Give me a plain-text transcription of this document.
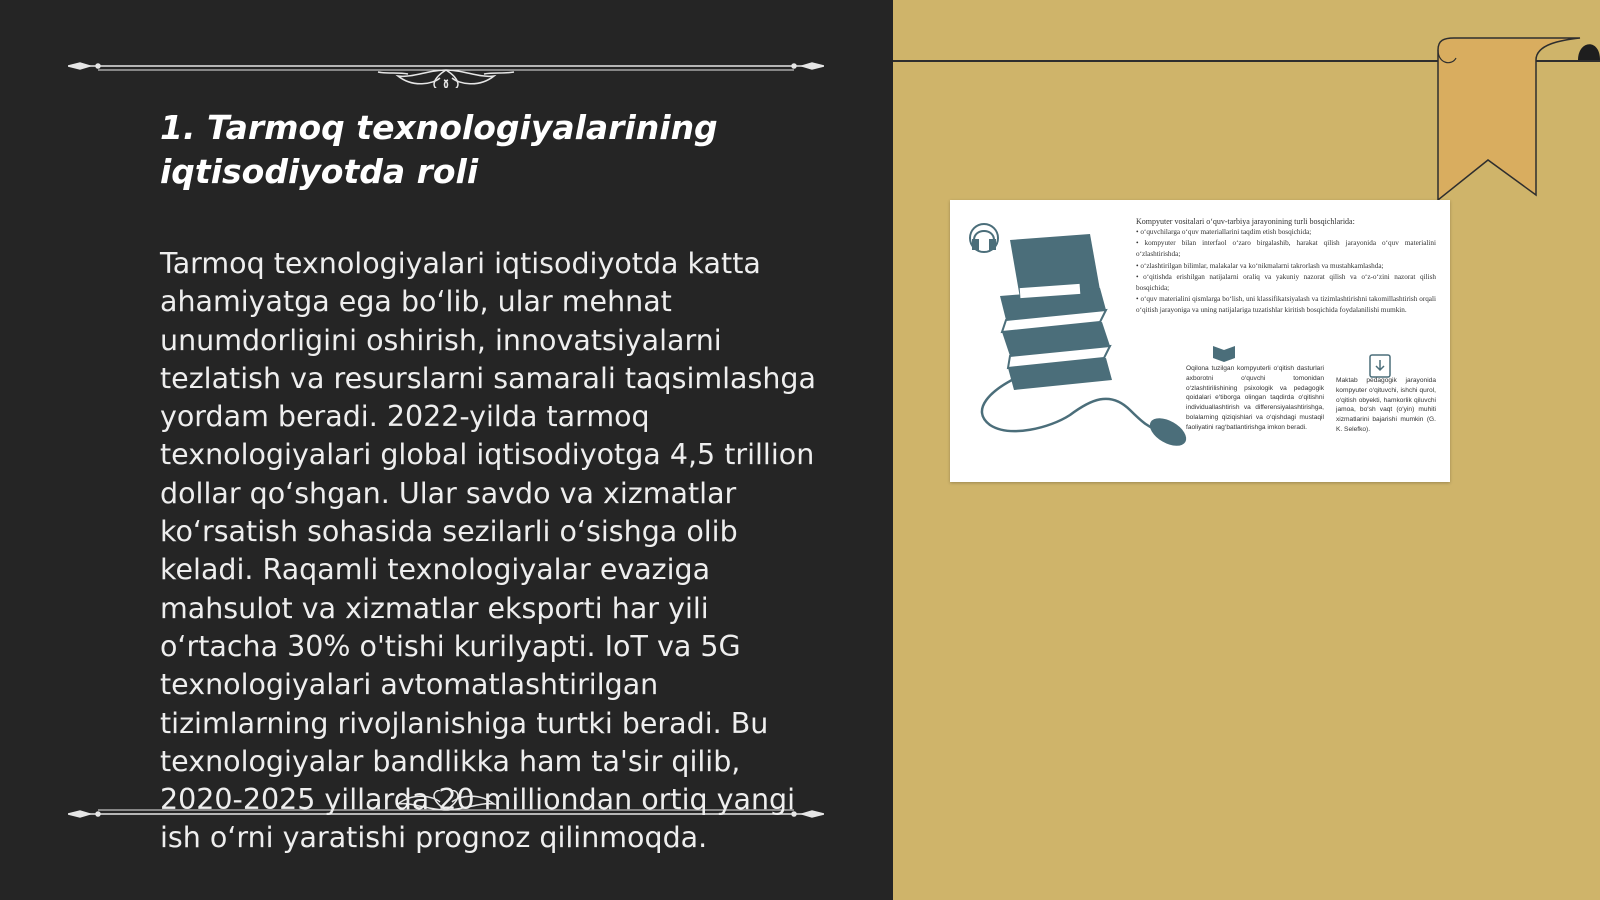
1. Tarmoq texnologiyalarining iqtisodiyotda roli
Tarmoq texnologiyalari iqtisodiyotda katta ahamiyatga ega bo‘lib, ular mehnat unumdorligini oshirish, innovatsiyalarni tezlatish va resurslarni samarali taqsimlashga yordam beradi. 2022-yilda tarmoq texnologiyalari global iqtisodiyotga 4,5 trillion dollar qo‘shgan. Ular savdo va xizmatlar ko‘rsatish sohasida sezilarli o‘sishga olib keladi. Raqamli texnologiyalar evaziga mahsulot va xizmatlar eksporti har yili o‘rtacha 30% o'tishi kurilyapti. IoT va 5G texnologiyalari avtomatlashtirilgan tizimlarning rivojlanishiga turtki beradi. Bu texnologiyalar bandlikka ham ta'sir qilib, 2020-2025 yillarda 20 milliondan ortiq yangi ish o‘rni yaratishi prognoz qilinmoqda.
Kompyuter vositalari o‘quv-tarbiya jarayonining turli bosqichlarida:
• o‘quvchilarga o‘quv materiallarini taqdim etish bosqichida;
• kompyuter bilan interfaol o‘zaro birgalashib, harakat qilish jarayonida o‘quv materialini o‘zlashtirishda;
• o‘zlashtirilgan bilimlar, malakalar va ko‘nikmalarni takrorlash va mustahkamlashda;
• o‘qitishda erishilgan natijalarni oraliq va yakuniy nazorat qilish va o‘z-o‘zini nazorat qilish bosqichida;
• o‘quv materialini qismlarga bo‘lish, uni klassifikatsiyalash va tizimlashtirishni takomillashtirish orqali o‘qitish jarayoniga va uning natijalariga tuzatishlar kiritish bosqichida foydalanilishi mumkin.
Oqilona tuzilgan kompyuterli o‘qitish dasturlari axborotni o‘quvchi tomonidan o‘zlashtirilishining psixologik va pedagogik qoidalari e‘tiborga olingan taqdirda o‘qitishni individuallashtirish va differensiyalashtirishga, bolalarning qiziqishlari va o‘qishdagi mustaqil faoliyatini rag‘batlantirishga imkon beradi.
Maktab pedagogik jarayonida kompyuter o‘qituvchi, ishchi qurol, o‘qitish obyekti, hamkorlik qiluvchi jamoa, bo‘sh vaqt (o‘yin) muhiti xizmatlarini bajarishi mumkin (G. K. Selefko).
